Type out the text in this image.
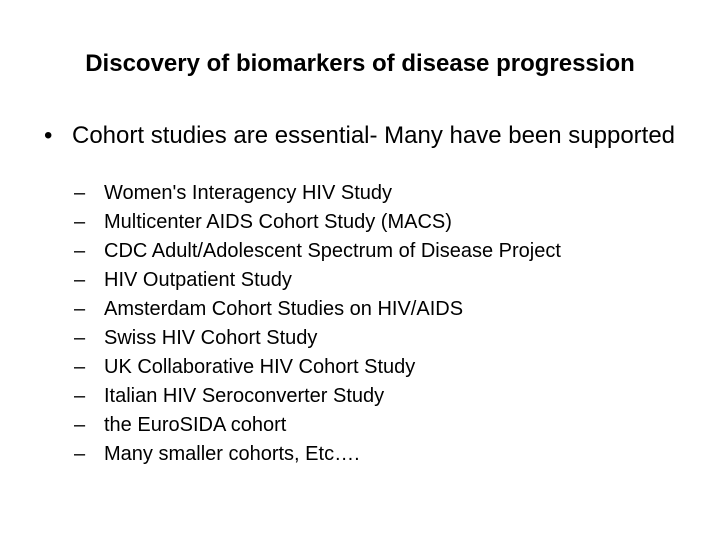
Discovery of biomarkers of disease progression
• Cohort studies are essential- Many have been supported
– Women's Interagency HIV Study
– Multicenter AIDS Cohort Study (MACS)
– CDC Adult/Adolescent Spectrum of Disease Project
– HIV Outpatient Study
– Amsterdam Cohort Studies on HIV/AIDS
– Swiss HIV Cohort Study
– UK Collaborative HIV Cohort Study
– Italian HIV Seroconverter Study
– the EuroSIDA cohort
– Many smaller cohorts, Etc….
